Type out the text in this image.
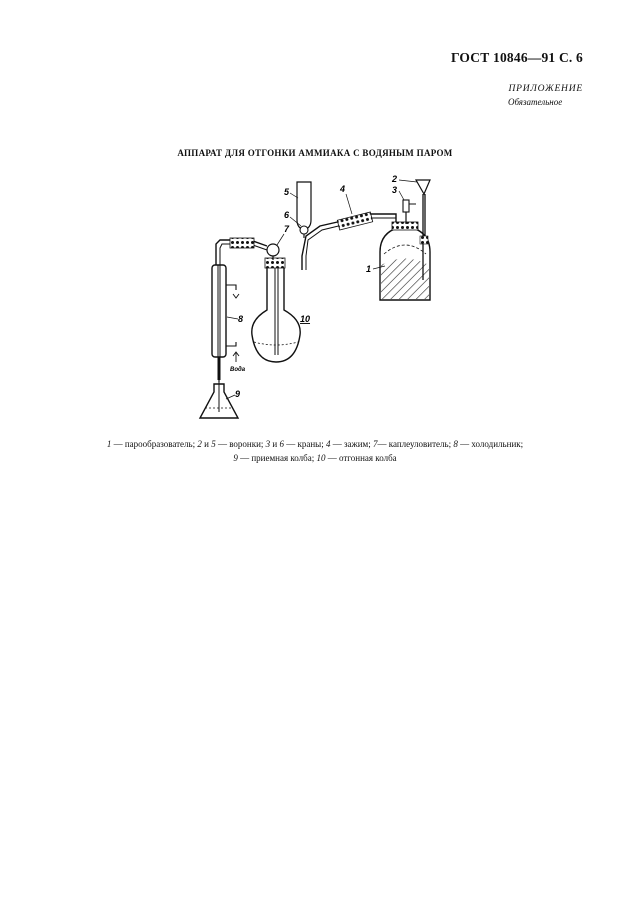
ГОСТ 10846—91 С. 6
ПРИЛОЖЕНИЕ
Обязательное
АППАРАТ ДЛЯ ОТГОНКИ АММИАКА С ВОДЯНЫМ ПАРОМ
Вода
1
2
3
4
5
6
7
8
9
10
1 — парообразователь; 2 и 5 — воронки; 3 и 6 — краны; 4 — зажим; 7— каплеуловитель; 8 — холодильник;
9 — приемная колба; 10 — отгонная колба
